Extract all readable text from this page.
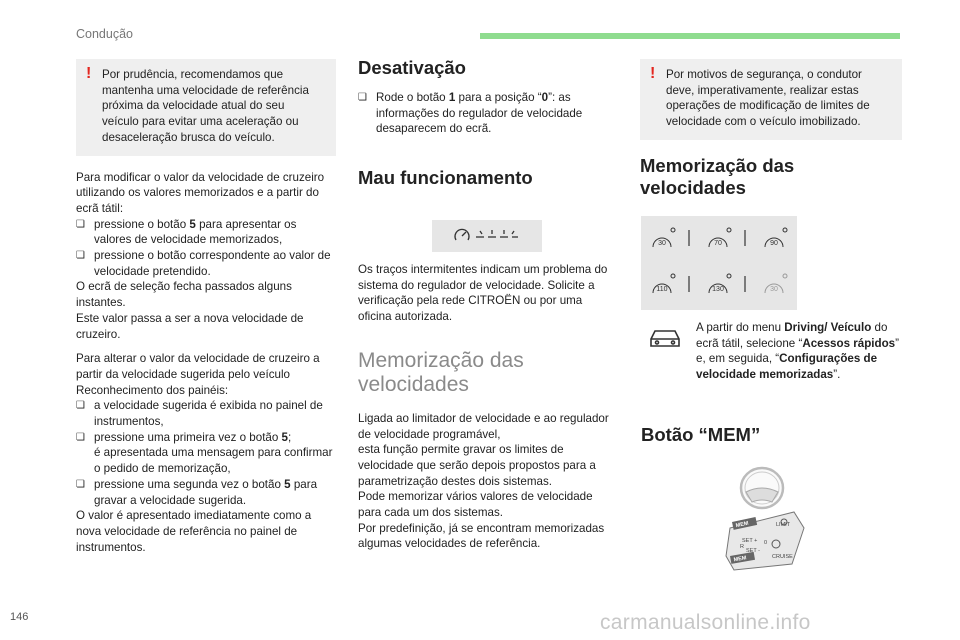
Condução
! Por prudência, recomendamos que mantenha uma velocidade de referência próxima da velocidade atual do seu veículo para evitar uma aceleração ou desaceleração brusca do veículo.

Para modificar o valor da velocidade de cruzeiro utilizando os valores memorizados e a partir do ecrã tátil:

❏ pressione o botão 5 para apresentar os valores de velocidade memorizados,

❏ pressione o botão correspondente ao valor de velocidade pretendido.

O ecrã de seleção fecha passados alguns instantes.

Este valor passa a ser a nova velocidade de cruzeiro.

Para alterar o valor da velocidade de cruzeiro a partir da velocidade sugerida pelo veículo Reconhecimento dos painéis:

❏ a velocidade sugerida é exibida no painel de instrumentos,

❏ pressione uma primeira vez o botão 5;
é apresentada uma mensagem para confirmar o pedido de memorização,

❏ pressione uma segunda vez o botão 5 para gravar a velocidade sugerida.

O valor é apresentado imediatamente como a nova velocidade de referência no painel de instrumentos.

Desativação
❏ Rode o botão 1 para a posição “0”: as informações do regulador de velocidade desaparecem do ecrã.

Mau funcionamento

Os traços intermitentes indicam um problema do sistema do regulador de velocidade. Solicite a verificação pela rede CITROËN ou por uma oficina autorizada.

Memorização das velocidades

Ligada ao limitador de velocidade e ao regulador de velocidade programável,

esta função permite gravar os limites de velocidade que serão depois propostos para a parametrização destes dois sistemas.

Pode memorizar vários valores de velocidade para cada um dos sistemas.

Por predefinição, já se encontram memorizadas algumas velocidades de referência.

! Por motivos de segurança, o condutor deve, imperativamente, realizar estas operações de modificação de limites de velocidade com o veículo imobilizado.

Memorização das velocidades
30	70	90
110	130	30

A partir do menu Driving/ Veículo do ecrã tátil, selecione “Acessos rápidos” e, em seguida, “Configurações de velocidade memorizadas”.

Botão “MEM”
MEM
MEM
SET +
SET -
R
LIMIT
0
CRUISE
146	carmanualsonline.info
